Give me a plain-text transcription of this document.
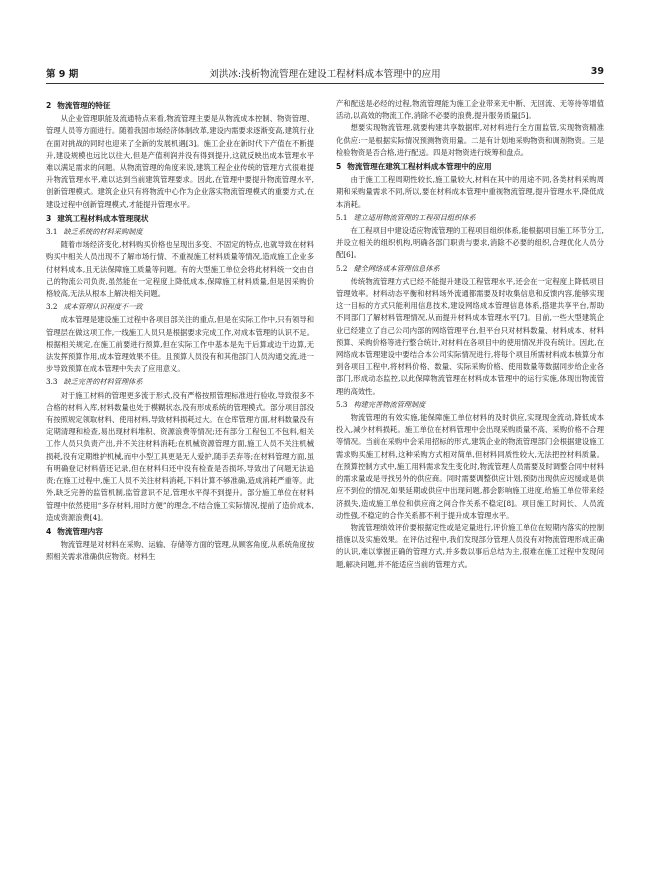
第 9 期	刘洪冰:浅析物流管理在建设工程材料成本管理中的应用	39
2 物流管理的特征

从企业管理职能及流通特点来看,物流管理主要是从物流成本控制、物资管理、管理人员等方面进行。随着我国市场经济体制改革,建设内需要求逐渐变高,建筑行业在面对挑战的同时也迎来了全新的发展机遇[3]。施工企业在新时代下产值在不断提升,建设规模也远比以往大,但是产值利润并没有得到提升,这就反映出成本管理水平难以满足需求的问题。从物流管理的角度来说,建筑工程企业传统的管理方式很难提升物流管理水平,难以达到当前建筑管理要求。因此,在管理中要提升物流管理水平,创新管理模式。建筑企业只有将物流中心作为企业落实物流管理模式的重要方式,在建设过程中创新管理模式,才能提升管理水平。

3 建筑工程材料成本管理现状
3.1 缺乏系统的材料采购制度

随着市场经济变化,材料购买价格也呈现出多变、不固定的特点,也就导致在材料购买中相关人员出现不了解市场行情、不重视施工材料质量等情况,造成施工企业多付材料成本,且无法保障施工质量等问题。有的大型施工单位会将此材料统一交由自己的物流公司负责,虽然能在一定程度上降低成本,保障施工材料质量,但是因采购价格较高,无法从根本上解决相关问题。

3.2 成本管理认识程度不一致

成本管理是建设施工过程中各项目部关注的重点,但是在实际工作中,只有领导和管理层在做这项工作,一线施工人员只是根据要求完成工作,对成本管理的认识不足。根据相关规定,在施工前要进行预算,但在实际工作中基本是先干后算或边干边算,无法发挥预算作用,成本管理效果不佳。且预算人员没有和其他部门人员沟通交流,进一步导致预算在成本管理中失去了应用意义。

3.3 缺乏完善的材料管理体系

对于施工材料的管理更多流于形式,没有严格按照管理标准进行验收,导致很多不合格的材料入库,材料数量也处于模糊状态,没有形成系统的管理模式。部分项目部没有按照规定领取材料、使用材料,导致材料损耗过大。在仓库管理方面,材料数量没有定期清理和检查,易出现材料堆积、资源浪费等情况;还有部分工程包工不包料,相关工作人员只负责产出,并不关注材料消耗;在机械资源管理方面,施工人员不关注机械损耗,没有定期维护机械,而中小型工具更是无人爱护,随手丢弃等;在材料管理方面,虽有明确登记材料借还记录,但在材料归还中没有检查是否损坏,导致出了问题无法追责;在施工过程中,施工人员不关注材料消耗,下料计算不够准确,造成消耗严重等。此外,缺乏完善的监管机制,监管意识不足,管理水平得不到提升。部分施工单位在材料管理中依然使用“多存材料,用时方便”的理念,不结合施工实际情况,提前了造价成本,造成资源浪费[4]。

4 物流管理内容

物流管理是对材料在采购、运输、存储等方面的管理,从顾客角度,从系统角度按照相关需求准确供应物资。材料生

产和配送是必经的过程,物流管理能为施工企业带来无中断、无回流、无等待等增值活动,以高效的物流工作,消除不必要的浪费,提升服务质量[5]。

想要实现物流管理,就要构建共享数据库,对材料进行全方面监管,实现物资精准化供应:一是根据实际情况预测物资用量。二是有计划地采购物资和调剂物资。三是检验物资是否合格,进行配送。四是对物资进行统筹和盘点。

5 物流管理在建筑工程材料成本管理中的应用

由于施工工程周期性较长,施工量较大,材料在其中的用途不同,各类材料采购周期和采购量需求不同,所以,要在材料成本管理中重视物流管理,提升管理水平,降低成本消耗。

5.1 建立适用物流管理的工程项目组织体系

在工程项目中建设适应物流管理的工程项目组织体系,能根据项目施工环节分工,并设立相关的组织机构,明确各部门职责与要求,消除不必要的组织,合理优化人员分配[6]。

5.2 健全网络成本管理信息体系

传统物流管理方式已经不能提升建设工程管理水平,还会在一定程度上降低项目管理效率。材料动态平衡和材料场外流通都需要及时收集信息和反馈内容,能够实现这一目标的方式只能利用信息技术,建设网络成本管理信息体系,搭建共享平台,帮助不同部门了解材料管理情况,从而提升材料成本管理水平[7]。目前,一些大型建筑企业已经建立了自己公司内部的网络管理平台,但平台只对材料数量、材料成本、材料预算、采购价格等进行整合统计,对材料在各项目中的使用情况并没有统计。因此,在网络成本管理建设中要结合本公司实际情况进行,将每个项目所需材料成本核算分布到各项目工程中,将材料价格、数量、实际采购价格、使用数量等数据同步给企业各部门,形成动态监控,以此保障物流管理在材料成本管理中的运行实施,体现出物流管理的高效性。

5.3 构建完善物流管理制度

物流管理的有效实施,能保障施工单位材料的及时供应,实现现金流动,降低成本投入,减少材料损耗。施工单位在材料管理中会出现采购质量不高、采购价格不合理等情况。当前在采购中会采用招标的形式,建筑企业的物流管理部门会根据建设施工需求购买施工材料,这种采购方式相对简单,但材料同质性较大,无法把控材料质量。在预算控制方式中,施工用料需求发生变化时,物流管理人员需要及时调整合同中材料的需求量或是寻找另外的供应商。同时需要调整供应计划,预防出现供应迟缓或是供应不到位的情况,如果延期或供应中出现问题,都会影响施工进度,给施工单位带来经济损失,造成施工单位和供应商之间合作关系不稳定[8]。项目施工时间长、人员流动性强,不稳定的合作关系都不利于提升成本管理水平。

物流管理绩效评价要根据定性或是定量进行,评价施工单位在短期内落实的控制措施以及实施效果。在评估过程中,我们发现部分管理人员没有对物流管理形成正确的认识,难以掌握正确的管理方式,并多数以事后总结为主,很难在施工过程中发现问题,解决问题,并不能适应当前的管理方式。
